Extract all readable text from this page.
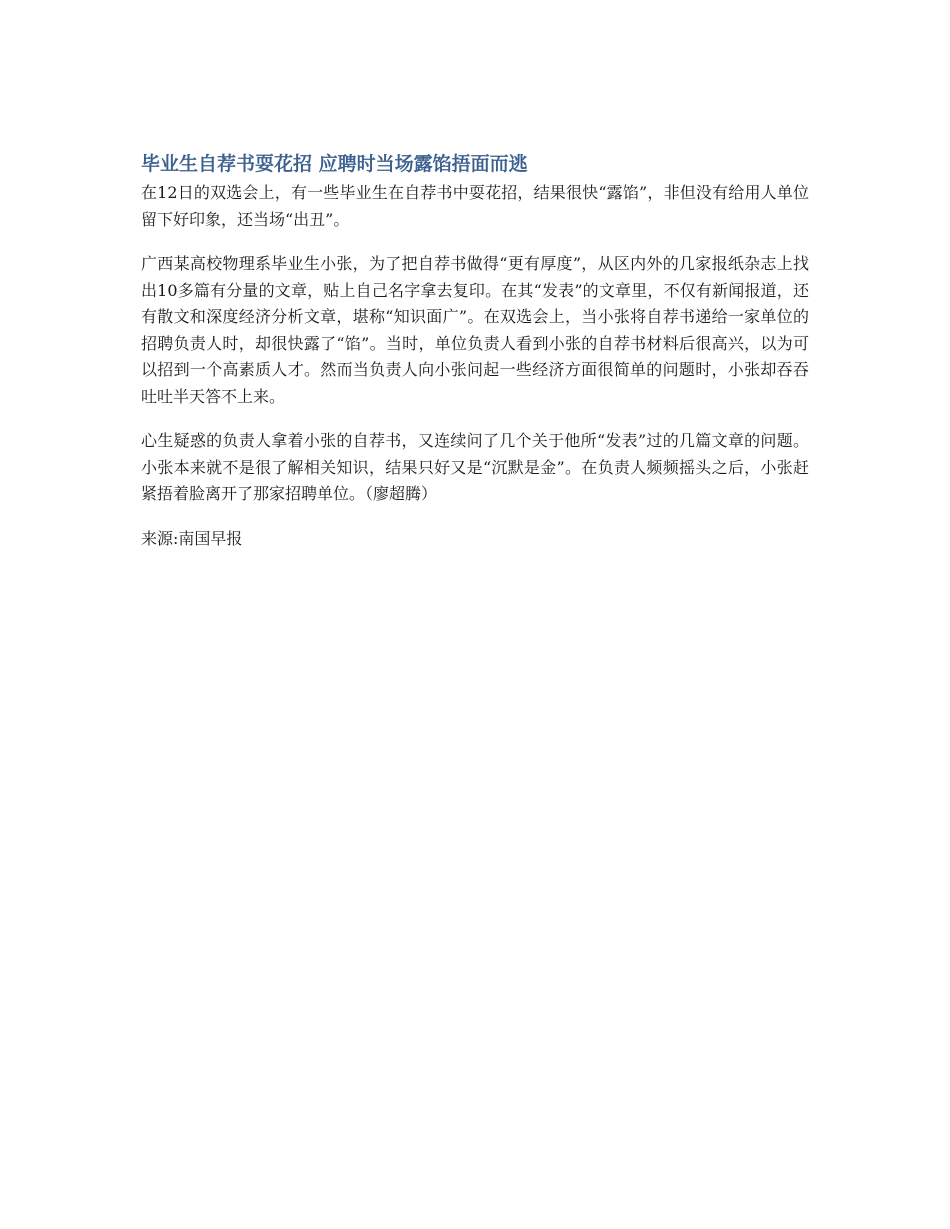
毕业生自荐书耍花招 应聘时当场露馅捂面而逃

在12日的双选会上，有一些毕业生在自荐书中耍花招，结果很快“露馅”，非但没有给用人单位留下好印象，还当场“出丑”。

广西某高校物理系毕业生小张，为了把自荐书做得“更有厚度”，从区内外的几家报纸杂志上找出10多篇有分量的文章，贴上自己名字拿去复印。在其“发表”的文章里，不仅有新闻报道，还有散文和深度经济分析文章，堪称“知识面广”。在双选会上，当小张将自荐书递给一家单位的招聘负责人时，却很快露了“馅”。当时，单位负责人看到小张的自荐书材料后很高兴，以为可以招到一个高素质人才。然而当负责人向小张问起一些经济方面很简单的问题时，小张却吞吞吐吐半天答不上来。

心生疑惑的负责人拿着小张的自荐书，又连续问了几个关于他所“发表”过的几篇文章的问题。小张本来就不是很了解相关知识，结果只好又是“沉默是金”。在负责人频频摇头之后，小张赶紧捂着脸离开了那家招聘单位。（廖超腾）

来源:南国早报
